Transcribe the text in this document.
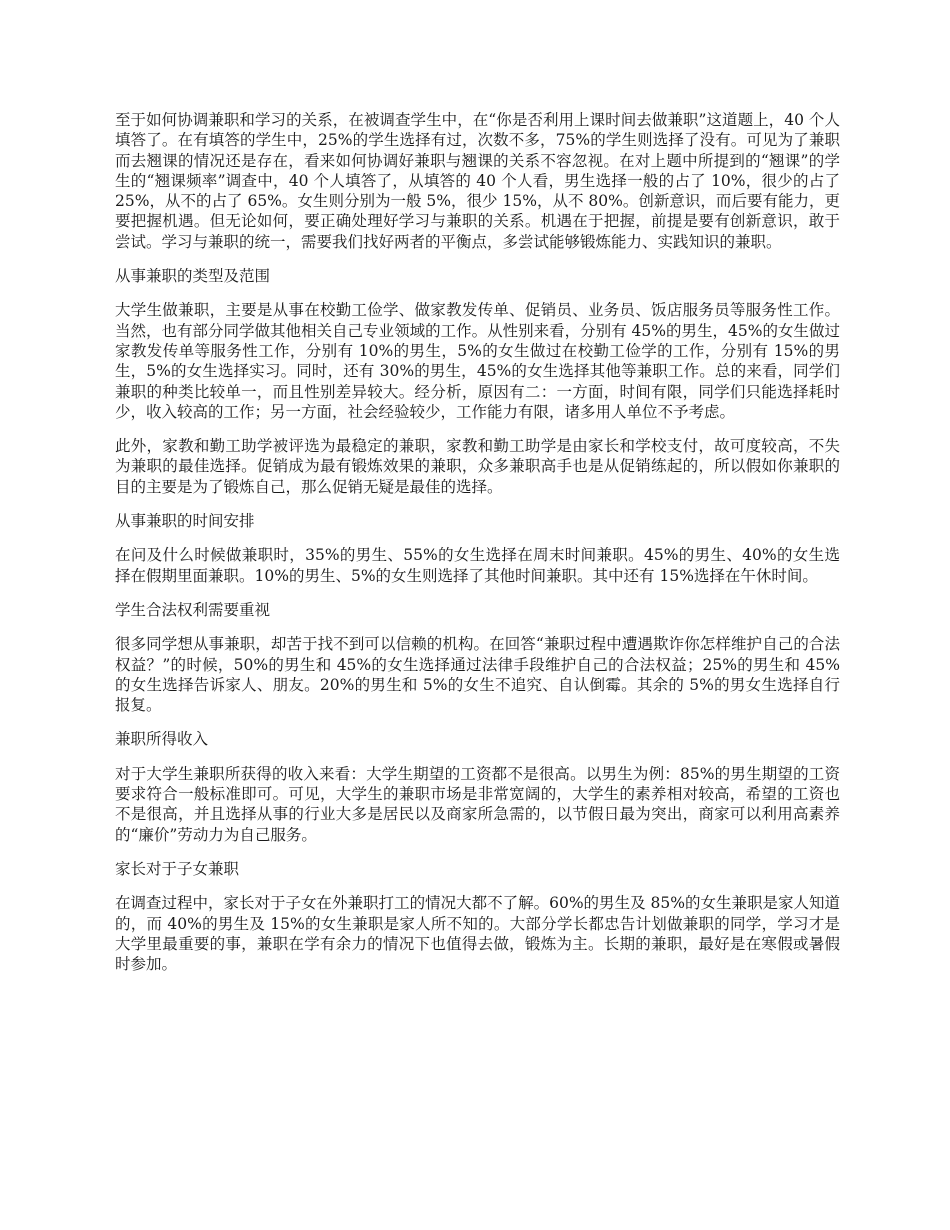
至于如何协调兼职和学习的关系，在被调查学生中，在“你是否利用上课时间去做兼职”这道题上，40 个人填答了。在有填答的学生中，25%的学生选择有过，次数不多，75%的学生则选择了没有。可见为了兼职而去翘课的情况还是存在，看来如何协调好兼职与翘课的关系不容忽视。在对上题中所提到的“翘课”的学生的“翘课频率”调查中，40 个人填答了，从填答的 40 个人看，男生选择一般的占了 10%，很少的占了 25%，从不的占了 65%。女生则分别为一般 5%，很少 15%，从不 80%。创新意识，而后要有能力，更要把握机遇。但无论如何，要正确处理好学习与兼职的关系。机遇在于把握，前提是要有创新意识，敢于尝试。学习与兼职的统一，需要我们找好两者的平衡点，多尝试能够锻炼能力、实践知识的兼职。

从事兼职的类型及范围

大学生做兼职，主要是从事在校勤工俭学、做家教发传单、促销员、业务员、饭店服务员等服务性工作。当然，也有部分同学做其他相关自己专业领域的工作。从性别来看，分别有 45%的男生，45%的女生做过家教发传单等服务性工作，分别有 10%的男生，5%的女生做过在校勤工俭学的工作，分别有 15%的男生，5%的女生选择实习。同时，还有 30%的男生，45%的女生选择其他等兼职工作。总的来看，同学们兼职的种类比较单一，而且性别差异较大。经分析，原因有二：一方面，时间有限，同学们只能选择耗时少，收入较高的工作；另一方面，社会经验较少，工作能力有限，诸多用人单位不予考虑。

此外，家教和勤工助学被评选为最稳定的兼职，家教和勤工助学是由家长和学校支付，故可度较高，不失为兼职的最佳选择。促销成为最有锻炼效果的兼职，众多兼职高手也是从促销练起的，所以假如你兼职的目的主要是为了锻炼自己，那么促销无疑是最佳的选择。

从事兼职的时间安排

在问及什么时候做兼职时，35%的男生、55%的女生选择在周末时间兼职。45%的男生、40%的女生选择在假期里面兼职。10%的男生、5%的女生则选择了其他时间兼职。其中还有 15%选择在午休时间。

学生合法权利需要重视

很多同学想从事兼职，却苦于找不到可以信赖的机构。在回答“兼职过程中遭遇欺诈你怎样维护自己的合法权益？”的时候，50%的男生和 45%的女生选择通过法律手段维护自己的合法权益；25%的男生和 45%的女生选择告诉家人、朋友。20%的男生和 5%的女生不追究、自认倒霉。其余的 5%的男女生选择自行报复。

兼职所得收入

对于大学生兼职所获得的收入来看：大学生期望的工资都不是很高。以男生为例：85%的男生期望的工资要求符合一般标准即可。可见，大学生的兼职市场是非常宽阔的，大学生的素养相对较高，希望的工资也不是很高，并且选择从事的行业大多是居民以及商家所急需的，以节假日最为突出，商家可以利用高素养的“廉价”劳动力为自己服务。

家长对于子女兼职

在调查过程中，家长对于子女在外兼职打工的情况大都不了解。60%的男生及 85%的女生兼职是家人知道的，而 40%的男生及 15%的女生兼职是家人所不知的。大部分学长都忠告计划做兼职的同学，学习才是大学里最重要的事，兼职在学有余力的情况下也值得去做，锻炼为主。长期的兼职，最好是在寒假或暑假时参加。
